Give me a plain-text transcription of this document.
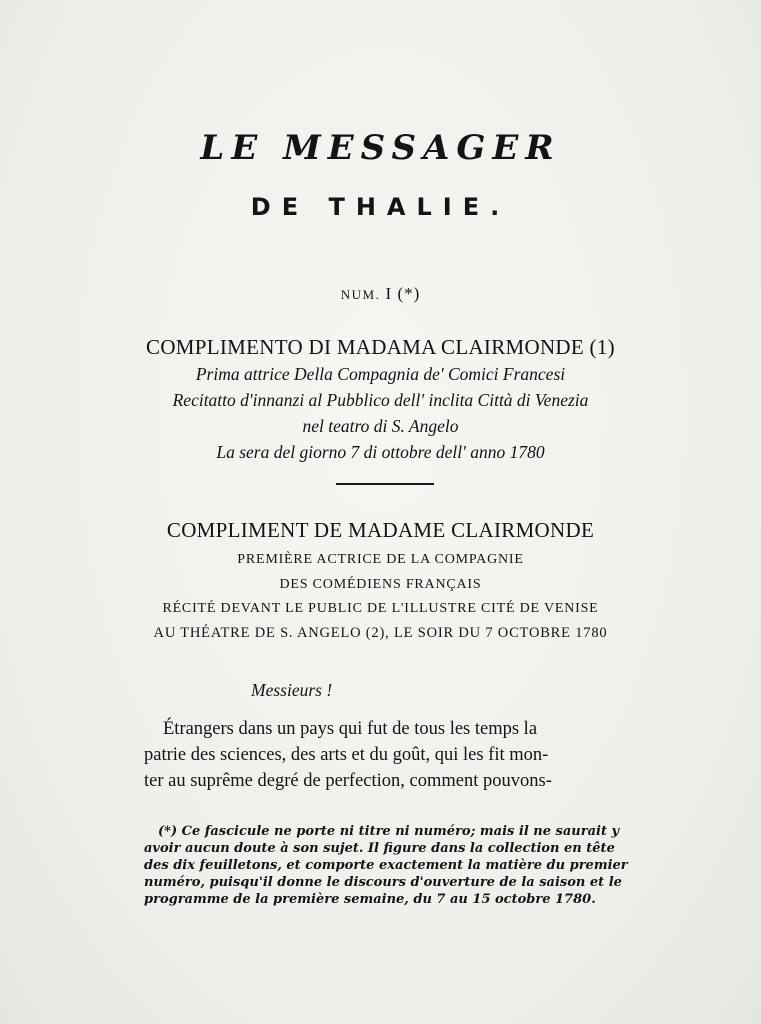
LE MESSAGER
DE THALIE.
NUM. I (*)
COMPLIMENTO DI MADAMA CLAIRMONDE (1)
Prima attrice Della Compagnia de' Comici Francesi
Recitatto d'innanzi al Pubblico dell' inclita Città di Venezia
nel teatro di S. Angelo
La sera del giorno 7 di ottobre dell' anno 1780
COMPLIMENT DE MADAME CLAIRMONDE
PREMIÈRE ACTRICE DE LA COMPAGNIE
DES COMÉDIENS FRANÇAIS
RÉCITÉ DEVANT LE PUBLIC DE L'ILLUSTRE CITÉ DE VENISE
AU THÉATRE DE S. ANGELO (2), LE SOIR DU 7 OCTOBRE 1780
Messieurs !
Étrangers dans un pays qui fut de tous les temps la
patrie des sciences, des arts et du goût, qui les fit mon-
ter au suprême degré de perfection, comment pouvons-
(*) Ce fascicule ne porte ni titre ni numéro; mais il ne saurait y
avoir aucun doute à son sujet. Il figure dans la collection en tête
des dix feuilletons, et comporte exactement la matière du premier
numéro, puisqu'il donne le discours d'ouverture de la saison et le
programme de la première semaine, du 7 au 15 octobre 1780.
